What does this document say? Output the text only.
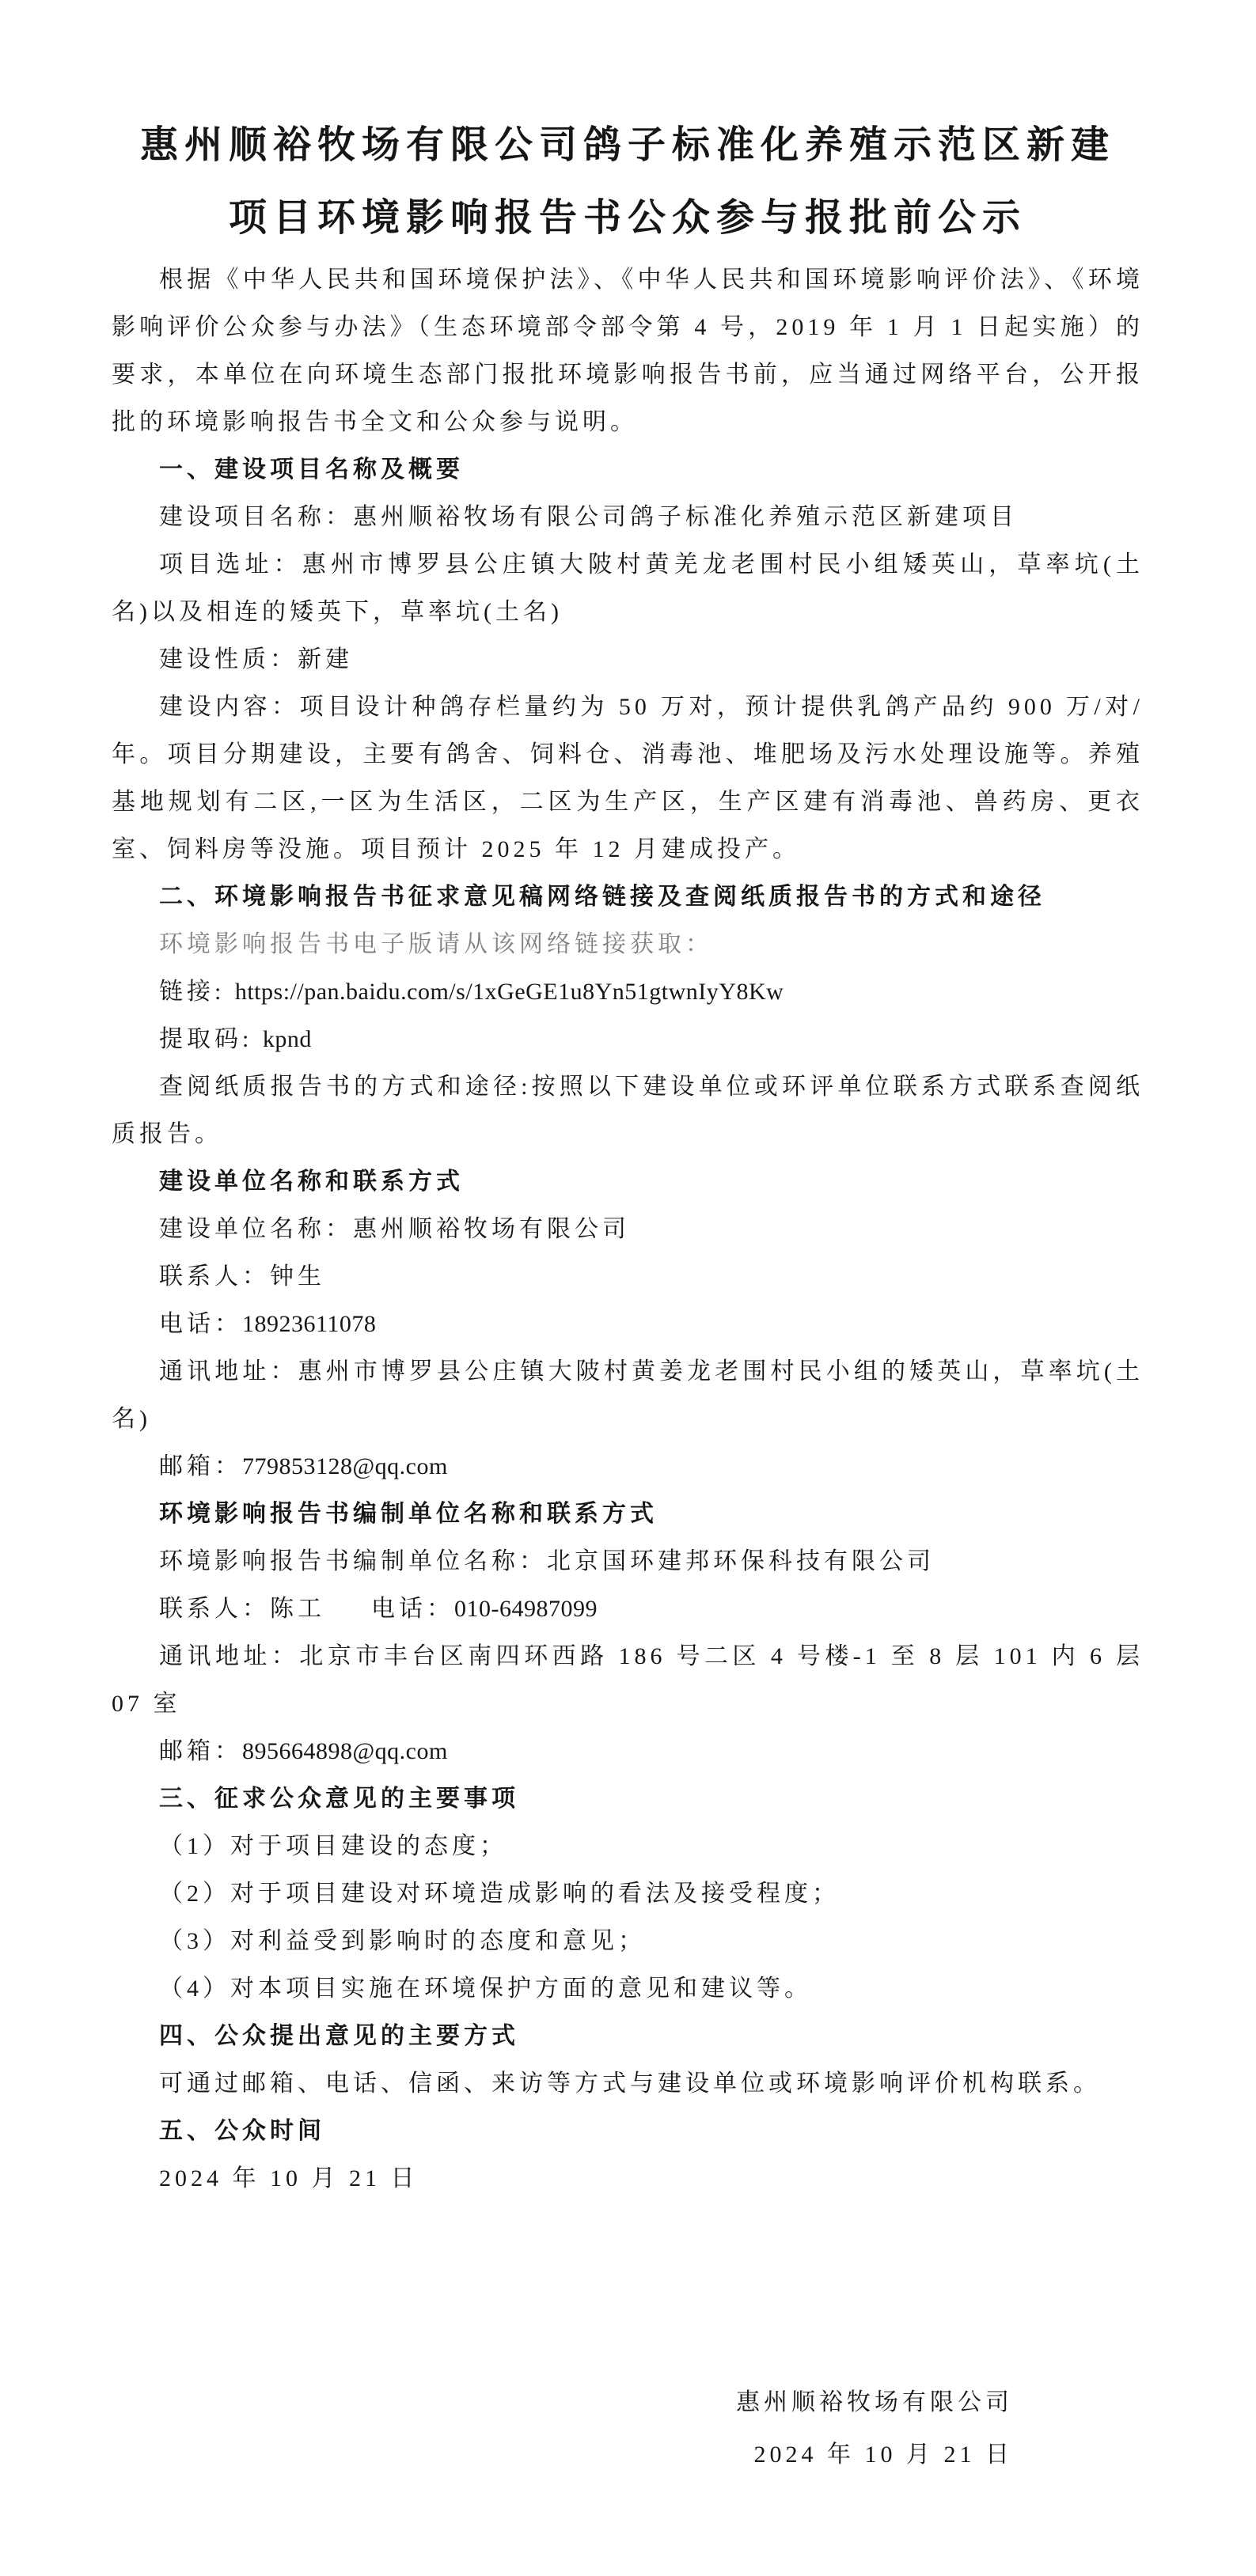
惠州顺裕牧场有限公司鸽子标准化养殖示范区新建
项目环境影响报告书公众参与报批前公示

根据《中华人民共和国环境保护法》、《中华人民共和国环境影响评价法》、《环境影响评价公众参与办法》（生态环境部令部令第 4 号，2019 年 1 月 1 日起实施）的要求，本单位在向环境生态部门报批环境影响报告书前，应当通过网络平台，公开报批的环境影响报告书全文和公众参与说明。

一、建设项目名称及概要

建设项目名称：惠州顺裕牧场有限公司鸽子标准化养殖示范区新建项目

项目选址：惠州市博罗县公庄镇大陂村黄羌龙老围村民小组矮英山，草率坑(土名)以及相连的矮英下，草率坑(土名)

建设性质：新建

建设内容：项目设计种鸽存栏量约为 50 万对，预计提供乳鸽产品约 900 万/对/年。项目分期建设，主要有鸽舍、饲料仓、消毒池、堆肥场及污水处理设施等。养殖基地规划有二区,一区为生活区，二区为生产区，生产区建有消毒池、兽药房、更衣室、饲料房等没施。项目预计 2025 年 12 月建成投产。

二、环境影响报告书征求意见稿网络链接及查阅纸质报告书的方式和途径

环境影响报告书电子版请从该网络链接获取：

链接: https://pan.baidu.com/s/1xGeGE1u8Yn51gtwnIyY8Kw

提取码: kpnd

查阅纸质报告书的方式和途径:按照以下建设单位或环评单位联系方式联系查阅纸质报告。

建设单位名称和联系方式

建设单位名称：惠州顺裕牧场有限公司

联系人：钟生

电话：18923611078

通讯地址：惠州市博罗县公庄镇大陂村黄姜龙老围村民小组的矮英山，草率坑(土名)

邮箱：779853128@qq.com

环境影响报告书编制单位名称和联系方式

环境影响报告书编制单位名称：北京国环建邦环保科技有限公司

联系人：陈工 电话：010-64987099

通讯地址：北京市丰台区南四环西路 186 号二区 4 号楼-1 至 8 层 101 内 6 层 07 室

邮箱：895664898@qq.com

三、征求公众意见的主要事项

（1）对于项目建设的态度；

（2）对于项目建设对环境造成影响的看法及接受程度；

（3）对利益受到影响时的态度和意见；

（4）对本项目实施在环境保护方面的意见和建议等。

四、公众提出意见的主要方式

可通过邮箱、电话、信函、来访等方式与建设单位或环境影响评价机构联系。

五、公众时间

2024 年 10 月 21 日

惠州顺裕牧场有限公司
2024 年 10 月 21 日
